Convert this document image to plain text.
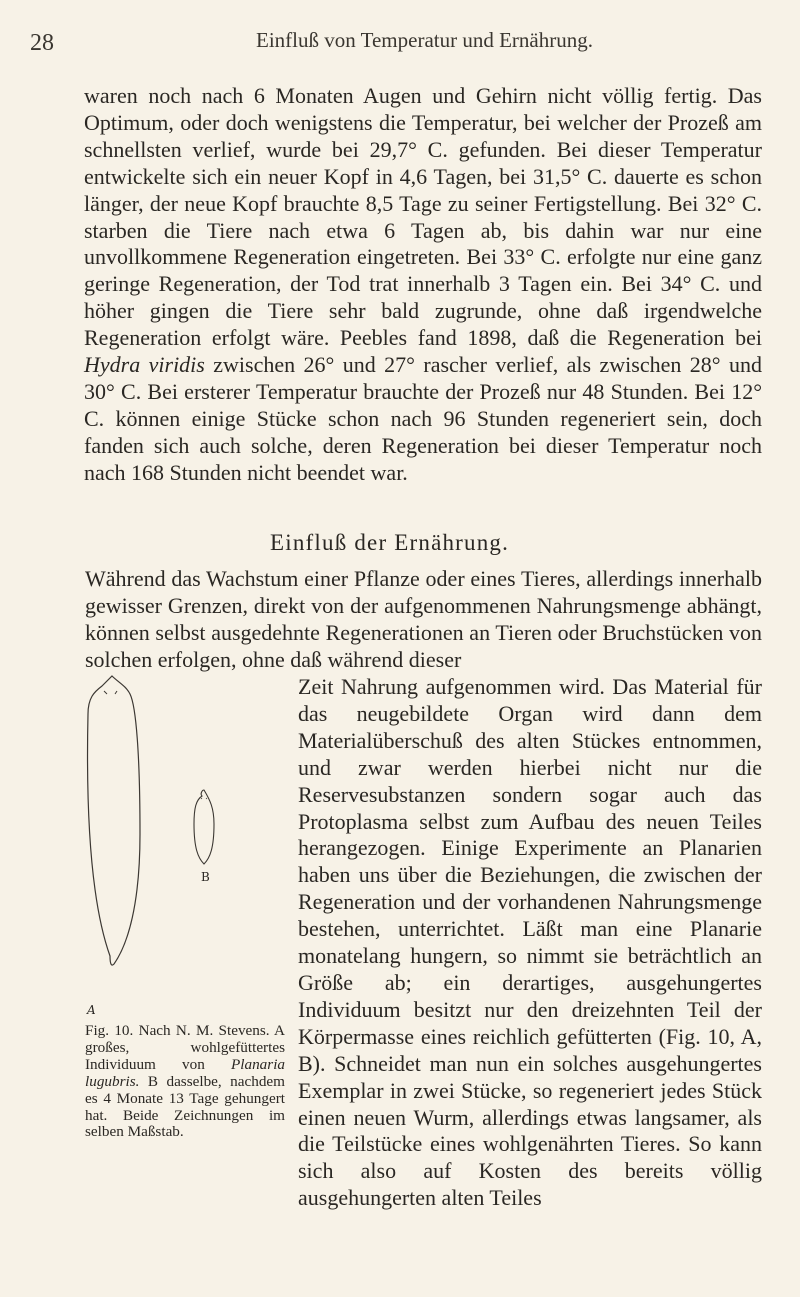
28	Einfluß von Temperatur und Ernährung.

waren noch nach 6 Monaten Augen und Gehirn nicht völlig fertig. Das Optimum, oder doch wenigstens die Temperatur, bei welcher der Prozeß am schnellsten verlief, wurde bei 29,7° C. gefunden. Bei dieser Temperatur entwickelte sich ein neuer Kopf in 4,6 Tagen, bei 31,5° C. dauerte es schon länger, der neue Kopf brauchte 8,5 Tage zu seiner Fertigstellung. Bei 32° C. starben die Tiere nach etwa 6 Tagen ab, bis dahin war nur eine unvollkommene Regeneration eingetreten. Bei 33° C. erfolgte nur eine ganz geringe Regeneration, der Tod trat innerhalb 3 Tagen ein. Bei 34° C. und höher gingen die Tiere sehr bald zugrunde, ohne daß irgendwelche Regeneration erfolgt wäre. Peebles fand 1898, daß die Regeneration bei Hydra viridis zwischen 26° und 27° rascher verlief, als zwischen 28° und 30° C. Bei ersterer Temperatur brauchte der Prozeß nur 48 Stunden. Bei 12° C. können einige Stücke schon nach 96 Stunden regeneriert sein, doch fanden sich auch solche, deren Regeneration bei dieser Temperatur noch nach 168 Stunden nicht beendet war.

Einfluß der Ernährung.

Während das Wachstum einer Pflanze oder eines Tieres, allerdings innerhalb gewisser Grenzen, direkt von der aufgenommenen Nahrungsmenge abhängt, können selbst ausgedehnte Regenerationen an Tieren oder Bruchstücken von solchen erfolgen, ohne daß während dieser

B
A
Fig. 10. Nach N. M. Stevens. A großes, wohlgefüttertes Individuum von Planaria lugubris. B dasselbe, nachdem es 4 Monate 13 Tage gehungert hat. Beide Zeichnungen im selben Maßstab.

Zeit Nahrung aufgenommen wird. Das Material für das neugebildete Organ wird dann dem Materialüberschuß des alten Stückes entnommen, und zwar werden hierbei nicht nur die Reservesubstanzen sondern sogar auch das Protoplasma selbst zum Aufbau des neuen Teiles herangezogen. Einige Experimente an Planarien haben uns über die Beziehungen, die zwischen der Regeneration und der vorhandenen Nahrungsmenge bestehen, unterrichtet. Läßt man eine Planarie monatelang hungern, so nimmt sie beträchtlich an Größe ab; ein derartiges, ausgehungertes Individuum besitzt nur den dreizehnten Teil der Körpermasse eines reichlich gefütterten (Fig. 10, A, B). Schneidet man nun ein solches ausgehungertes Exemplar in zwei Stücke, so regeneriert jedes Stück einen neuen Wurm, allerdings etwas langsamer, als die Teilstücke eines wohlgenährten Tieres. So kann sich also auf Kosten des bereits völlig ausgehungerten alten Teiles
